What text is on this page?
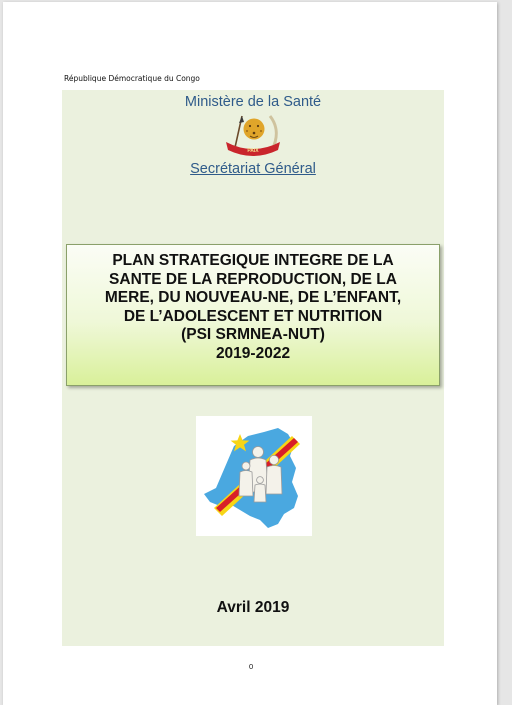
République Démocratique du Congo
Ministère de la Santé
PAIX
Secrétariat Général
PLAN STRATEGIQUE INTEGRE DE LA
SANTE DE LA REPRODUCTION, DE LA
MERE, DU NOUVEAU-NE, DE L’ENFANT,
DE L’ADOLESCENT ET NUTRITION
(PSI SRMNEA-NUT)
2019-2022
Avril 2019
0
